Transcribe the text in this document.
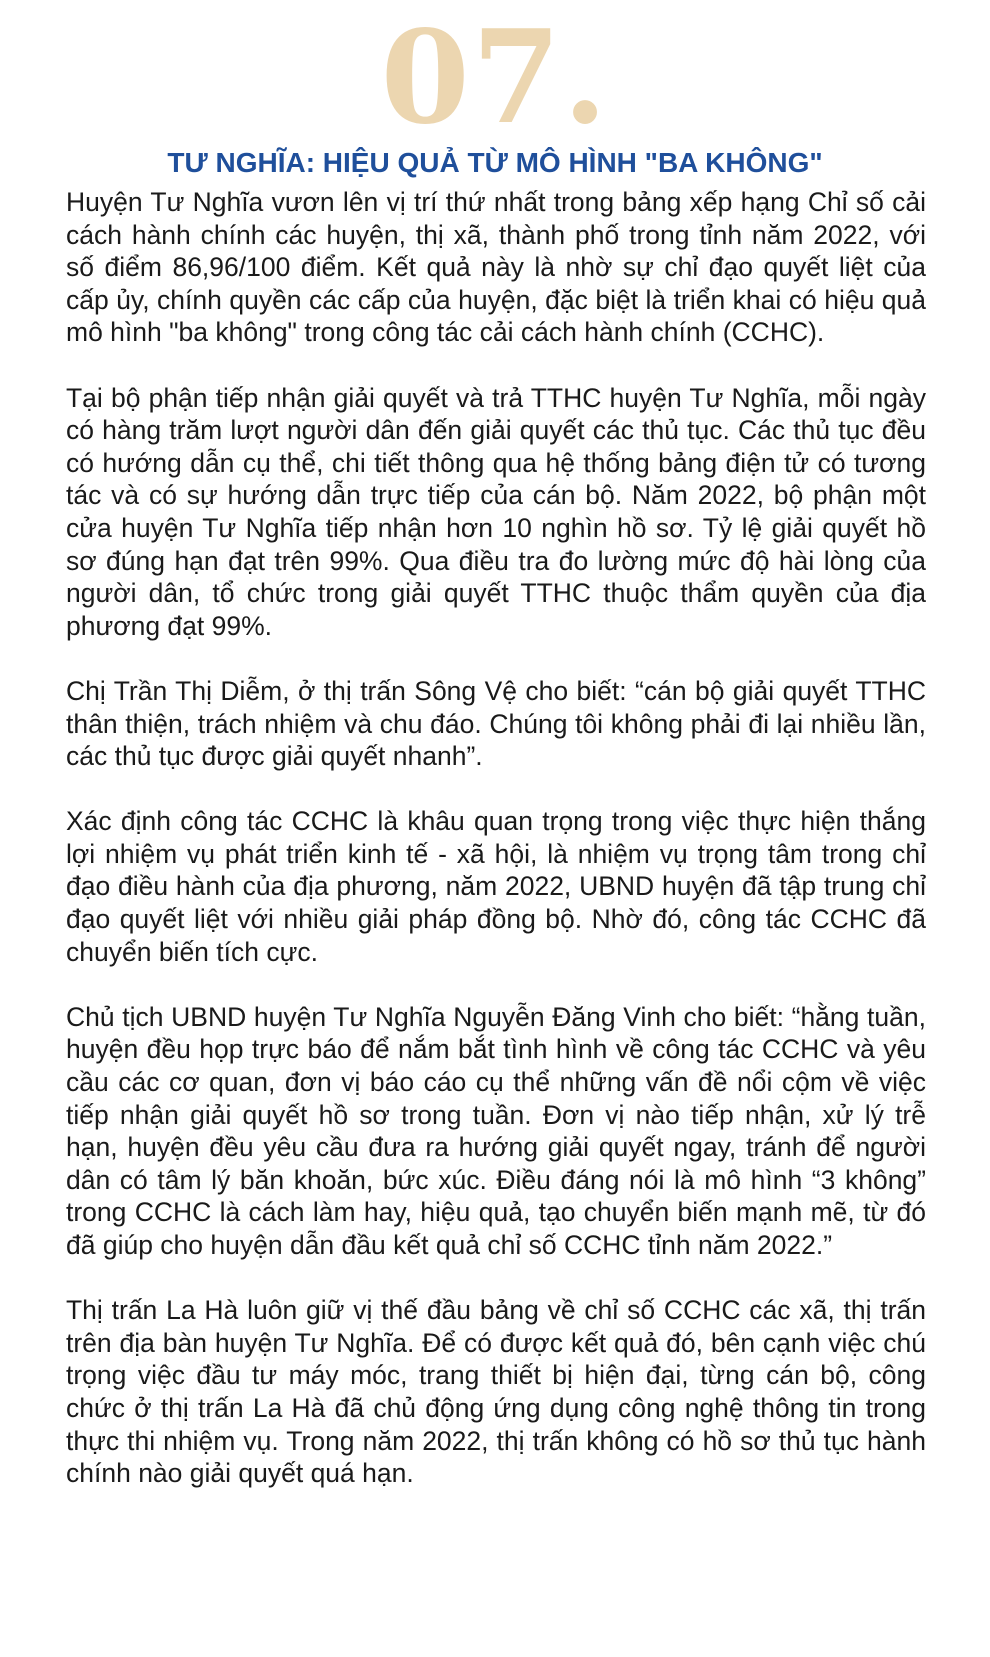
07.
TƯ NGHĨA: HIỆU QUẢ TỪ MÔ HÌNH "BA KHÔNG"

Huyện Tư Nghĩa vươn lên vị trí thứ nhất trong bảng xếp hạng Chỉ số cải cách hành chính các huyện, thị xã, thành phố trong tỉnh năm 2022, với số điểm 86,96/100 điểm. Kết quả này là nhờ sự chỉ đạo quyết liệt của cấp ủy, chính quyền các cấp của huyện, đặc biệt là triển khai có hiệu quả mô hình "ba không" trong công tác cải cách hành chính (CCHC).

Tại bộ phận tiếp nhận giải quyết và trả TTHC huyện Tư Nghĩa, mỗi ngày có hàng trăm lượt người dân đến giải quyết các thủ tục. Các thủ tục đều có hướng dẫn cụ thể, chi tiết thông qua hệ thống bảng điện tử có tương tác và có sự hướng dẫn trực tiếp của cán bộ. Năm 2022, bộ phận một cửa huyện Tư Nghĩa tiếp nhận hơn 10 nghìn hồ sơ. Tỷ lệ giải quyết hồ sơ đúng hạn đạt trên 99%. Qua điều tra đo lường mức độ hài lòng của người dân, tổ chức trong giải quyết TTHC thuộc thẩm quyền của địa phương đạt 99%.

Chị Trần Thị Diễm, ở thị trấn Sông Vệ cho biết: “cán bộ giải quyết TTHC thân thiện, trách nhiệm và chu đáo. Chúng tôi không phải đi lại nhiều lần, các thủ tục được giải quyết nhanh”.

Xác định công tác CCHC là khâu quan trọng trong việc thực hiện thắng lợi nhiệm vụ phát triển kinh tế - xã hội, là nhiệm vụ trọng tâm trong chỉ đạo điều hành của địa phương, năm 2022, UBND huyện đã tập trung chỉ đạo quyết liệt với nhiều giải pháp đồng bộ. Nhờ đó, công tác CCHC đã chuyển biến tích cực.

Chủ tịch UBND huyện Tư Nghĩa Nguyễn Đăng Vinh cho biết: “hằng tuần, huyện đều họp trực báo để nắm bắt tình hình về công tác CCHC và yêu cầu các cơ quan, đơn vị báo cáo cụ thể những vấn đề nổi cộm về việc tiếp nhận giải quyết hồ sơ trong tuần. Đơn vị nào tiếp nhận, xử lý trễ hạn, huyện đều yêu cầu đưa ra hướng giải quyết ngay, tránh để người dân có tâm lý băn khoăn, bức xúc. Điều đáng nói là mô hình “3 không” trong CCHC là cách làm hay, hiệu quả, tạo chuyển biến mạnh mẽ, từ đó đã giúp cho huyện dẫn đầu kết quả chỉ số CCHC tỉnh năm 2022.”

Thị trấn La Hà luôn giữ vị thế đầu bảng về chỉ số CCHC các xã, thị trấn trên địa bàn huyện Tư Nghĩa. Để có được kết quả đó, bên cạnh việc chú trọng việc đầu tư máy móc, trang thiết bị hiện đại, từng cán bộ, công chức ở thị trấn La Hà đã chủ động ứng dụng công nghệ thông tin trong thực thi nhiệm vụ. Trong năm 2022, thị trấn không có hồ sơ thủ tục hành chính nào giải quyết quá hạn.
